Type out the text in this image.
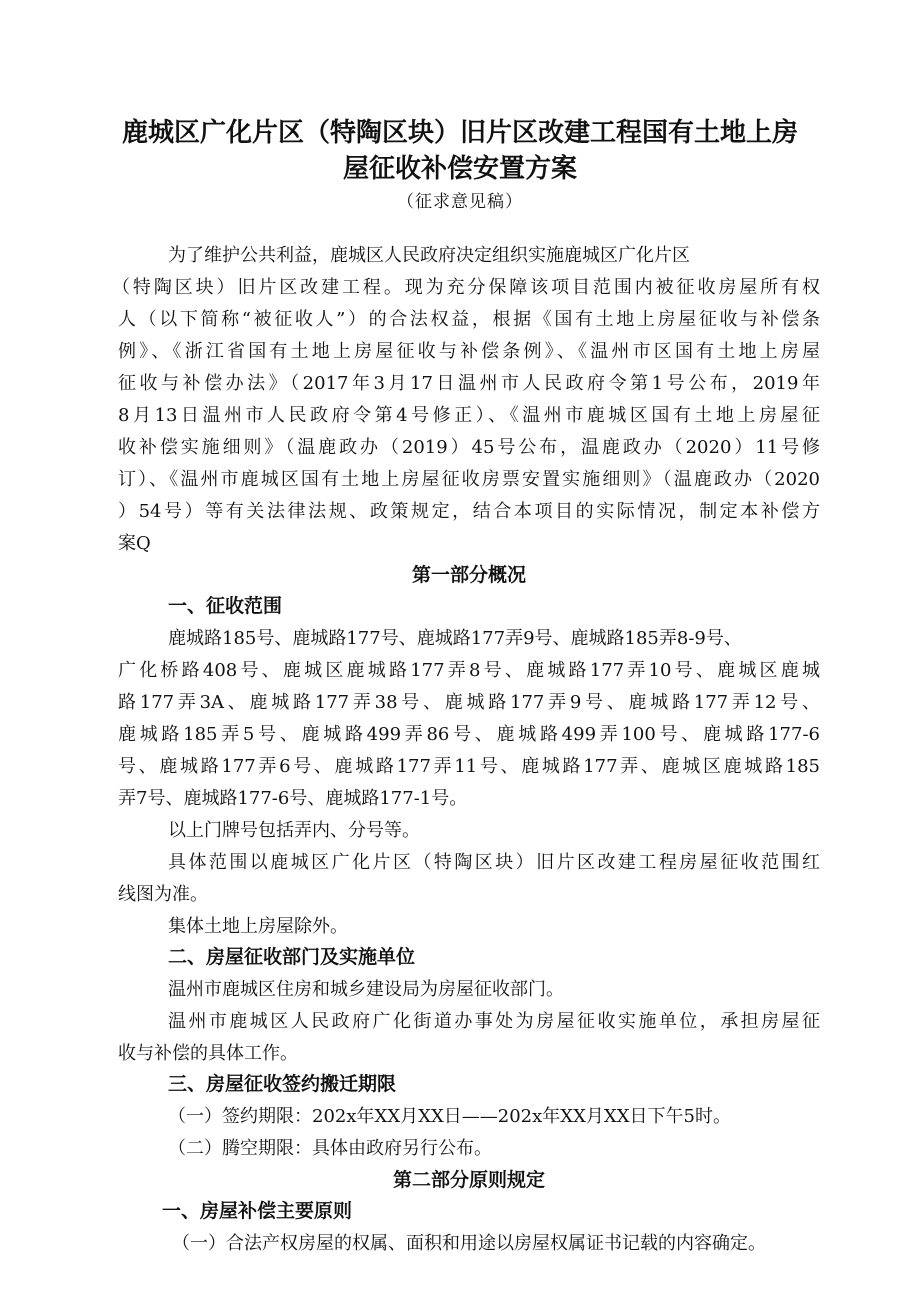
鹿城区广化片区（特陶区块）旧片区改建工程国有土地上房
屋征收补偿安置方案

（征求意见稿）

为了维护公共利益，鹿城区人民政府决定组织实施鹿城区广化片区

（特陶区块）旧片区改建工程。现为充分保障该项目范围内被征收房屋所有权

人（以下简称“被征收人”）的合法权益，根据《国有土地上房屋征收与补偿条

例》、《浙江省国有土地上房屋征收与补偿条例》、《温州市区国有土地上房屋

征收与补偿办法》（2017年3月17日温州市人民政府令第1号公布，2019年

8月13日温州市人民政府令第4号修正）、《温州市鹿城区国有土地上房屋征

收补偿实施细则》（温鹿政办（2019）45号公布，温鹿政办（2020）11号修

订）、《温州市鹿城区国有土地上房屋征收房票安置实施细则》（温鹿政办（2020

）54号）等有关法律法规、政策规定，结合本项目的实际情况，制定本补偿方

案Q

第一部分概况
一、征收范围

鹿城路185号、鹿城路177号、鹿城路177弄9号、鹿城路185弄8-9号、

广化桥路408号、鹿城区鹿城路177弄8号、鹿城路177弄10号、鹿城区鹿城

路177弄3A、鹿城路177弄38号、鹿城路177弄9号、鹿城路177弄12号、

鹿城路185弄5号、鹿城路499弄86号、鹿城路499弄100号、鹿城路177-6

号、鹿城路177弄6号、鹿城路177弄11号、鹿城路177弄、鹿城区鹿城路185

弄7号、鹿城路177-6号、鹿城路177-1号。

以上门牌号包括弄内、分号等。

具体范围以鹿城区广化片区（特陶区块）旧片区改建工程房屋征收范围红

线图为准。

集体土地上房屋除外。

二、房屋征收部门及实施单位

温州市鹿城区住房和城乡建设局为房屋征收部门。

温州市鹿城区人民政府广化街道办事处为房屋征收实施单位，承担房屋征

收与补偿的具体工作。

三、房屋征收签约搬迁期限

（一）签约期限：202x年XX月XX日——202x年XX月XX日下午5时。

（二）腾空期限：具体由政府另行公布。

第二部分原则规定
一、房屋补偿主要原则

（一）合法产权房屋的权属、面积和用途以房屋权属证书记载的内容确定。
